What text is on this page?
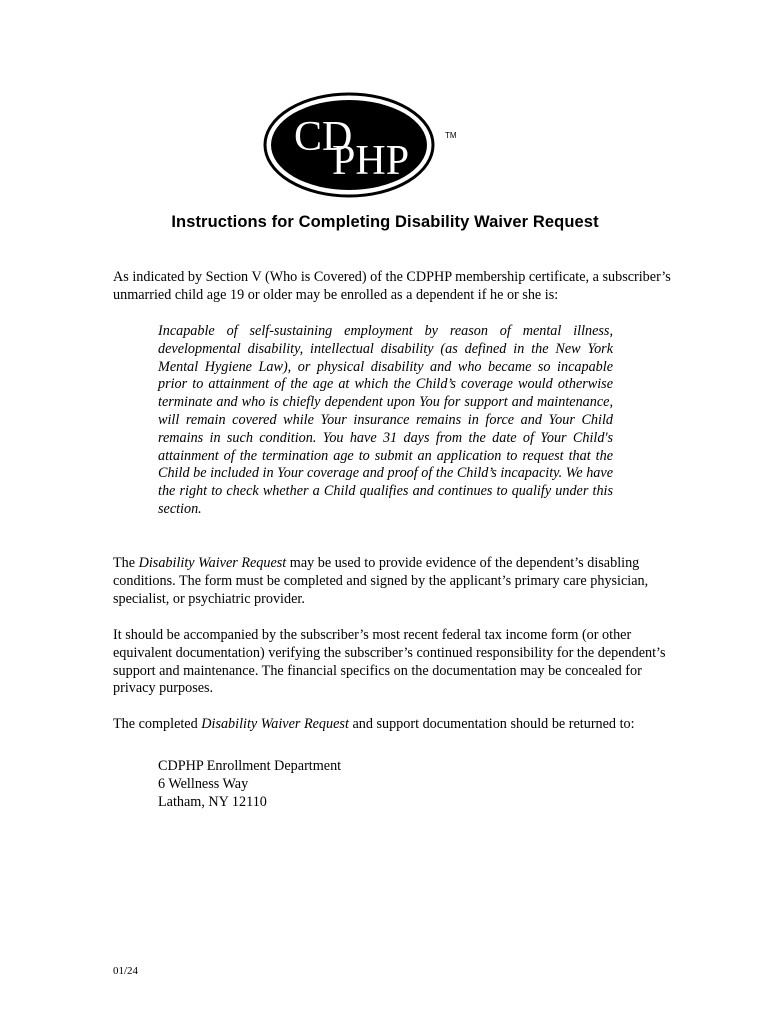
CD
PHP
TM
Instructions for Completing Disability Waiver Request

As indicated by Section V (Who is Covered) of the CDPHP membership certificate, a subscriber’s unmarried child age 19 or older may be enrolled as a dependent if he or she is:

Incapable of self-sustaining employment by reason of mental illness, developmental disability, intellectual disability (as defined in the New York Mental Hygiene Law), or physical disability and who became so incapable prior to attainment of the age at which the Child’s coverage would otherwise terminate and who is chiefly dependent upon You for support and maintenance, will remain covered while Your insurance remains in force and Your Child remains in such condition. You have 31 days from the date of Your Child's attainment of the termination age to submit an application to request that the Child be included in Your coverage and proof of the Child’s incapacity. We have the right to check whether a Child qualifies and continues to qualify under this section.

The Disability Waiver Request may be used to provide evidence of the dependent’s disabling conditions. The form must be completed and signed by the applicant’s primary care physician, specialist, or psychiatric provider.

It should be accompanied by the subscriber’s most recent federal tax income form (or other equivalent documentation) verifying the subscriber’s continued responsibility for the dependent’s support and maintenance. The financial specifics on the documentation may be concealed for privacy purposes.

The completed Disability Waiver Request and support documentation should be returned to:

CDPHP Enrollment Department
6 Wellness Way
Latham, NY 12110
01/24
